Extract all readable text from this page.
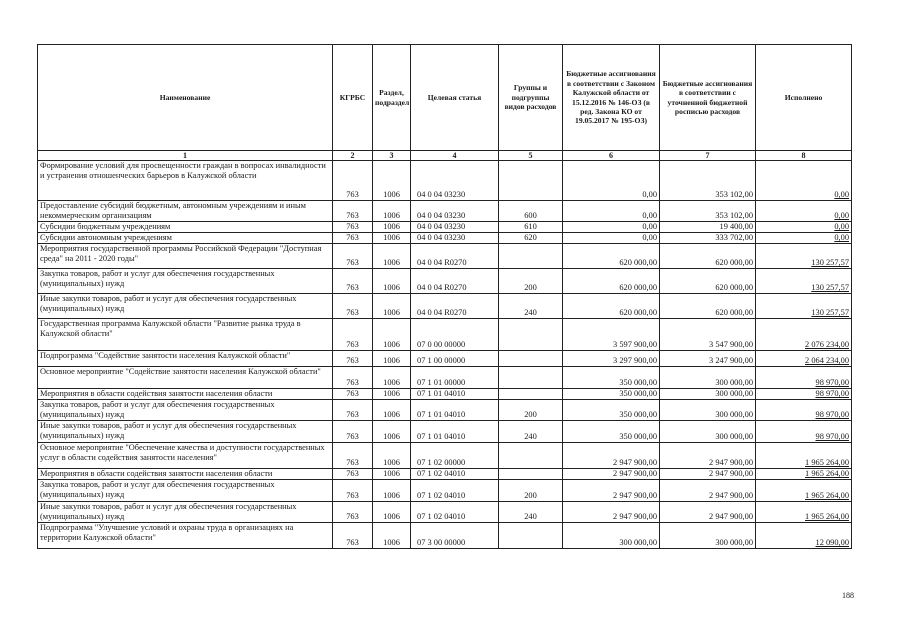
Наименование	КГРБС	Раздел, подраздел	Целевая статья	Группы и подгруппы видов расходов	Бюджетные ассигнования в соответствии с Законом Калужской области от 15.12.2016 № 146-ОЗ (в ред. Закона КО от 19.05.2017 № 195-ОЗ)	Бюджетные ассигнования в соответствии с уточненной бюджетной росписью расходов	Исполнено
1	2	3	4	5	6	7	8
Формирование условий для просвещенности граждан в вопросах инвалидности и устранения отношенческих барьеров в Калужской области	763	1006	04 0 04 03230		0,00	353 102,00	0,00
Предоставление субсидий бюджетным, автономным учреждениям и иным некоммерческим организациям	763	1006	04 0 04 03230	600	0,00	353 102,00	0,00
Субсидии бюджетным учреждениям	763	1006	04 0 04 03230	610	0,00	19 400,00	0,00
Субсидии автономным учреждениям	763	1006	04 0 04 03230	620	0,00	333 702,00	0,00
Мероприятия государственной программы Российской Федерации "Доступная среда" на 2011 - 2020 годы"	763	1006	04 0 04 R0270		620 000,00	620 000,00	130 257,57
Закупка товаров, работ и услуг для обеспечения государственных (муниципальных) нужд	763	1006	04 0 04 R0270	200	620 000,00	620 000,00	130 257,57
Иные закупки товаров, работ и услуг для обеспечения государственных (муниципальных) нужд	763	1006	04 0 04 R0270	240	620 000,00	620 000,00	130 257,57
Государственная программа Калужской области "Развитие рынка труда в Калужской области"	763	1006	07 0 00 00000		3 597 900,00	3 547 900,00	2 076 234,00
Подпрограмма "Содействие занятости населения Калужской области"	763	1006	07 1 00 00000		3 297 900,00	3 247 900,00	2 064 234,00
Основное мероприятие "Содействие занятости населения Калужской области"	763	1006	07 1 01 00000		350 000,00	300 000,00	98 970,00
Мероприятия в области содействия занятости населения области	763	1006	07 1 01 04010		350 000,00	300 000,00	98 970,00
Закупка товаров, работ и услуг для обеспечения государственных (муниципальных) нужд	763	1006	07 1 01 04010	200	350 000,00	300 000,00	98 970,00
Иные закупки товаров, работ и услуг для обеспечения государственных (муниципальных) нужд	763	1006	07 1 01 04010	240	350 000,00	300 000,00	98 970,00
Основное мероприятие "Обеспечение качества и доступности государственных услуг в области содействия занятости населения"	763	1006	07 1 02 00000		2 947 900,00	2 947 900,00	1 965 264,00
Мероприятия в области содействия занятости населения области	763	1006	07 1 02 04010		2 947 900,00	2 947 900,00	1 965 264,00
Закупка товаров, работ и услуг для обеспечения государственных (муниципальных) нужд	763	1006	07 1 02 04010	200	2 947 900,00	2 947 900,00	1 965 264,00
Иные закупки товаров, работ и услуг для обеспечения государственных (муниципальных) нужд	763	1006	07 1 02 04010	240	2 947 900,00	2 947 900,00	1 965 264,00
Подпрограмма "Улучшение условий и охраны труда в организациях на территории Калужской области"	763	1006	07 3 00 00000		300 000,00	300 000,00	12 090,00
188
